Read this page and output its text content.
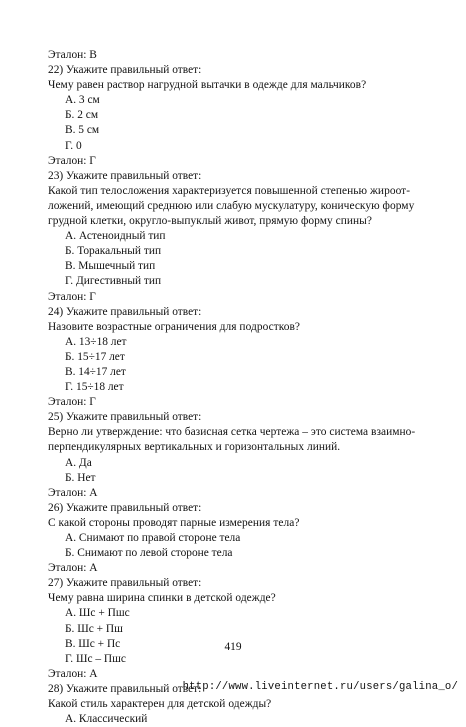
Эталон: В
22) Укажите правильный ответ:
Чему равен раствор нагрудной вытачки в одежде для мальчиков?
А. 3 см
Б. 2 см
В. 5 см
Г. 0
Эталон: Г
23) Укажите правильный ответ:
Какой тип телосложения характеризуется повышенной степенью жироот-
ложений, имеющий среднюю или слабую мускулатуру, коническую форму
грудной клетки, округло-выпуклый живот, прямую форму спины?
А. Астеноидный тип
Б. Торакальный тип
В. Мышечный тип
Г. Дигестивный тип
Эталон: Г
24) Укажите правильный ответ:
Назовите возрастные ограничения для подростков?
А. 13÷18 лет
Б. 15÷17 лет
В. 14÷17 лет
Г. 15÷18 лет
Эталон: Г
25) Укажите правильный ответ:
Верно ли утверждение: что базисная сетка чертежа – это система взаимно-
перпендикулярных вертикальных и горизонтальных линий.
А. Да
Б. Нет
Эталон: А
26) Укажите правильный ответ:
С какой стороны проводят парные измерения тела?
А. Снимают по правой стороне тела
Б. Снимают по левой стороне тела
Эталон: А
27) Укажите правильный ответ:
Чему равна ширина спинки в детской одежде?
А. Шс + Пшс
Б. Шс + Пш
В. Шс + Пс
Г. Шс – Пшс
Эталон: А
28) Укажите правильный ответ:
Какой стиль характерен для детской одежды?
А. Классический
419
http://www.liveinternet.ru/users/galina_o/
